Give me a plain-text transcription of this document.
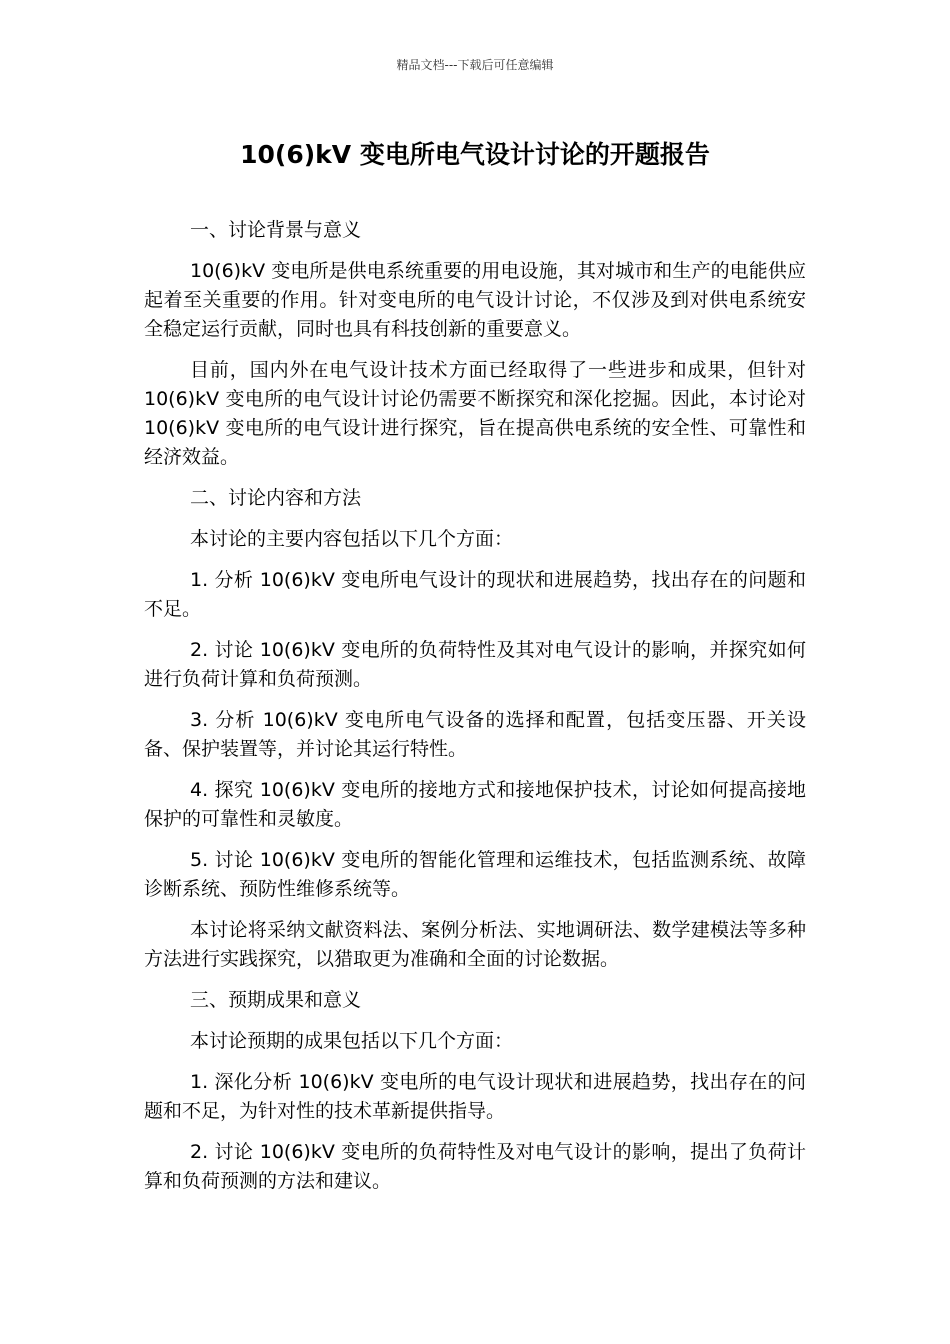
精品文档---下载后可任意编辑
10(6)kV 变电所电气设计讨论的开题报告

一、讨论背景与意义

10(6)kV 变电所是供电系统重要的用电设施，其对城市和生产的电能供应起着至关重要的作用。针对变电所的电气设计讨论，不仅涉及到对供电系统安全稳定运行贡献，同时也具有科技创新的重要意义。

目前，国内外在电气设计技术方面已经取得了一些进步和成果，但针对 10(6)kV 变电所的电气设计讨论仍需要不断探究和深化挖掘。因此，本讨论对 10(6)kV 变电所的电气设计进行探究，旨在提高供电系统的安全性、可靠性和经济效益。

二、讨论内容和方法

本讨论的主要内容包括以下几个方面：

1. 分析 10(6)kV 变电所电气设计的现状和进展趋势，找出存在的问题和不足。

2. 讨论 10(6)kV 变电所的负荷特性及其对电气设计的影响，并探究如何进行负荷计算和负荷预测。

3. 分析 10(6)kV 变电所电气设备的选择和配置，包括变压器、开关设备、保护装置等，并讨论其运行特性。

4. 探究 10(6)kV 变电所的接地方式和接地保护技术，讨论如何提高接地保护的可靠性和灵敏度。

5. 讨论 10(6)kV 变电所的智能化管理和运维技术，包括监测系统、故障诊断系统、预防性维修系统等。

本讨论将采纳文献资料法、案例分析法、实地调研法、数学建模法等多种方法进行实践探究，以猎取更为准确和全面的讨论数据。

三、预期成果和意义

本讨论预期的成果包括以下几个方面：

1. 深化分析 10(6)kV 变电所的电气设计现状和进展趋势，找出存在的问题和不足，为针对性的技术革新提供指导。

2. 讨论 10(6)kV 变电所的负荷特性及对电气设计的影响，提出了负荷计算和负荷预测的方法和建议。
